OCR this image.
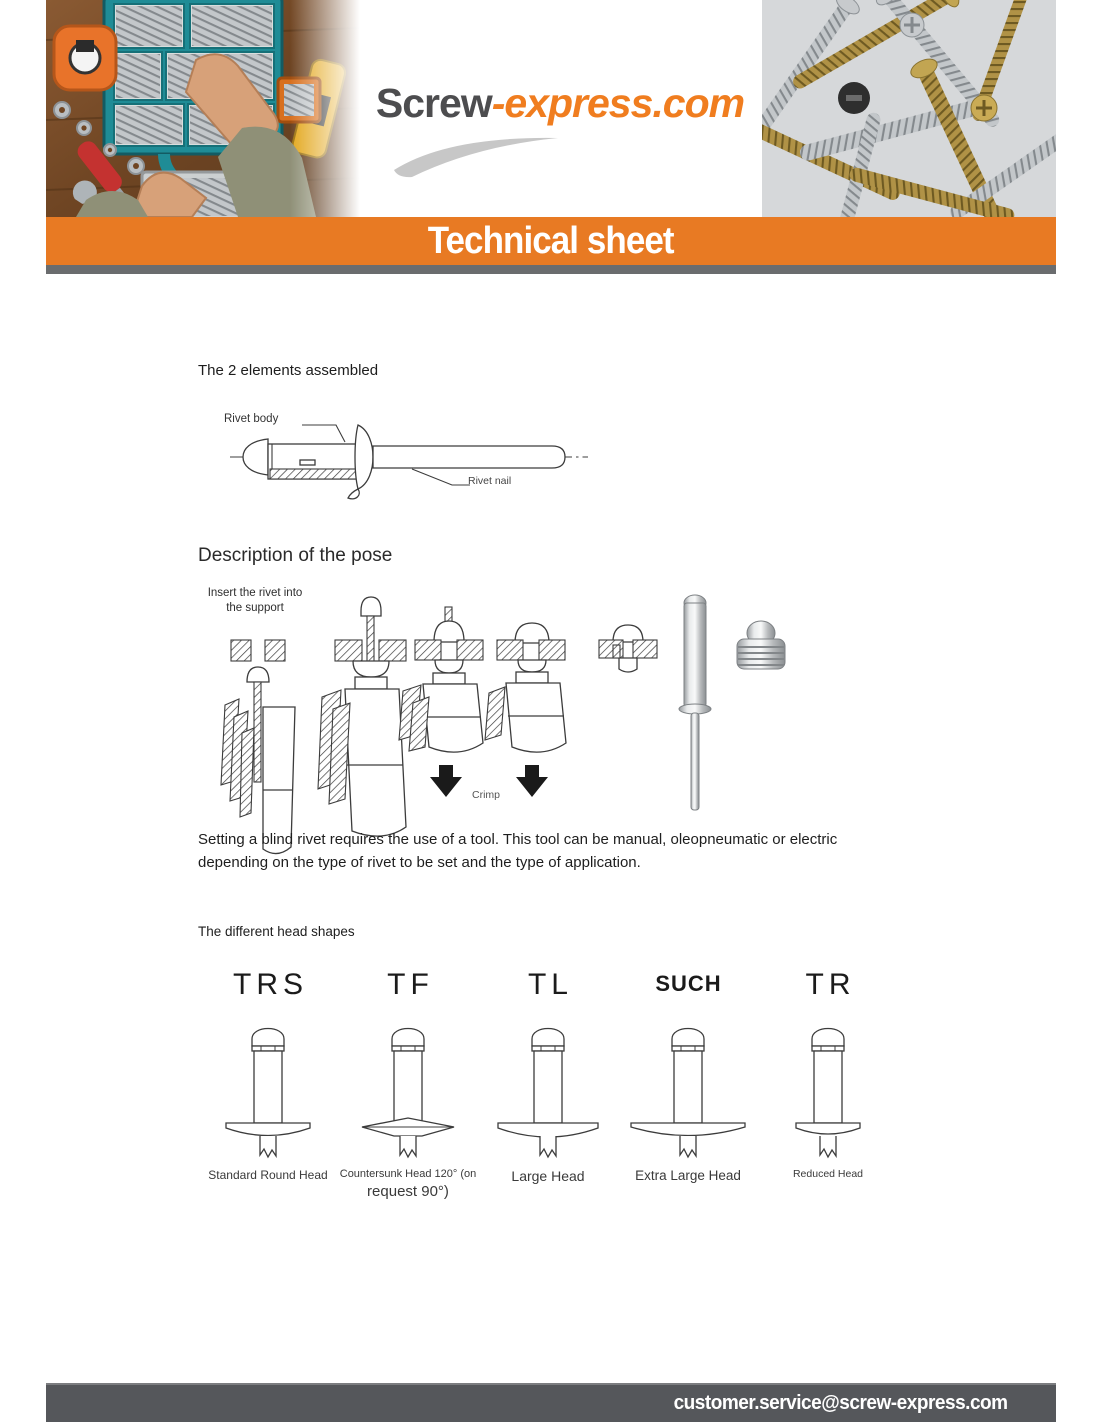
Screw-express.com
Technical sheet
The 2 elements assembled
Rivet body
Rivet nail
Description of the pose
Insert the rivet into
the support
Crimp

Setting a blind rivet requires the use of a tool. This tool can be manual, oleopneumatic or electric depending on the type of rivet to be set and the type of application.

The different head shapes
TRS
Standard Round Head
TF
Countersunk Head 120° (on
request 90°)
TL
Large Head
SUCH
Extra Large Head
TR
Reduced Head
customer.service@screw-express.com
